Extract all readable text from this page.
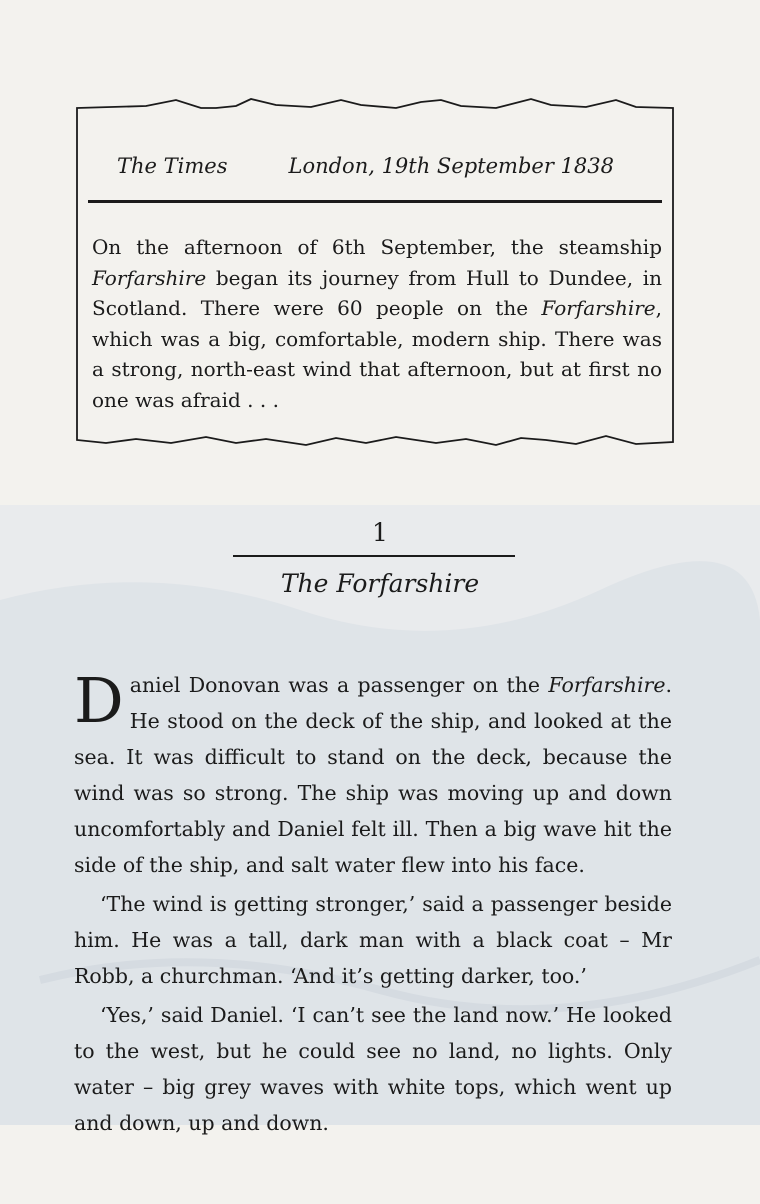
The Times	London, 19th September 1838
On the afternoon of 6th September, the steamship Forfarshire began its journey from Hull to Dundee, in Scotland. There were 60 people on the Forfarshire, which was a big, comfortable, modern ship. There was a strong, north-east wind that afternoon, but at first no one was afraid . . .
1
The Forfarshire

Daniel Donovan was a passenger on the Forfarshire. He stood on the deck of the ship, and looked at the sea. It was difficult to stand on the deck, because the wind was so strong. The ship was moving up and down uncomfortably and Daniel felt ill. Then a big wave hit the side of the ship, and salt water flew into his face.

‘The wind is getting stronger,’ said a passenger beside him. He was a tall, dark man with a black coat – Mr Robb, a churchman. ‘And it’s getting darker, too.’

‘Yes,’ said Daniel. ‘I can’t see the land now.’ He looked to the west, but he could see no land, no lights. Only water – big grey waves with white tops, which went up and down, up and down.
